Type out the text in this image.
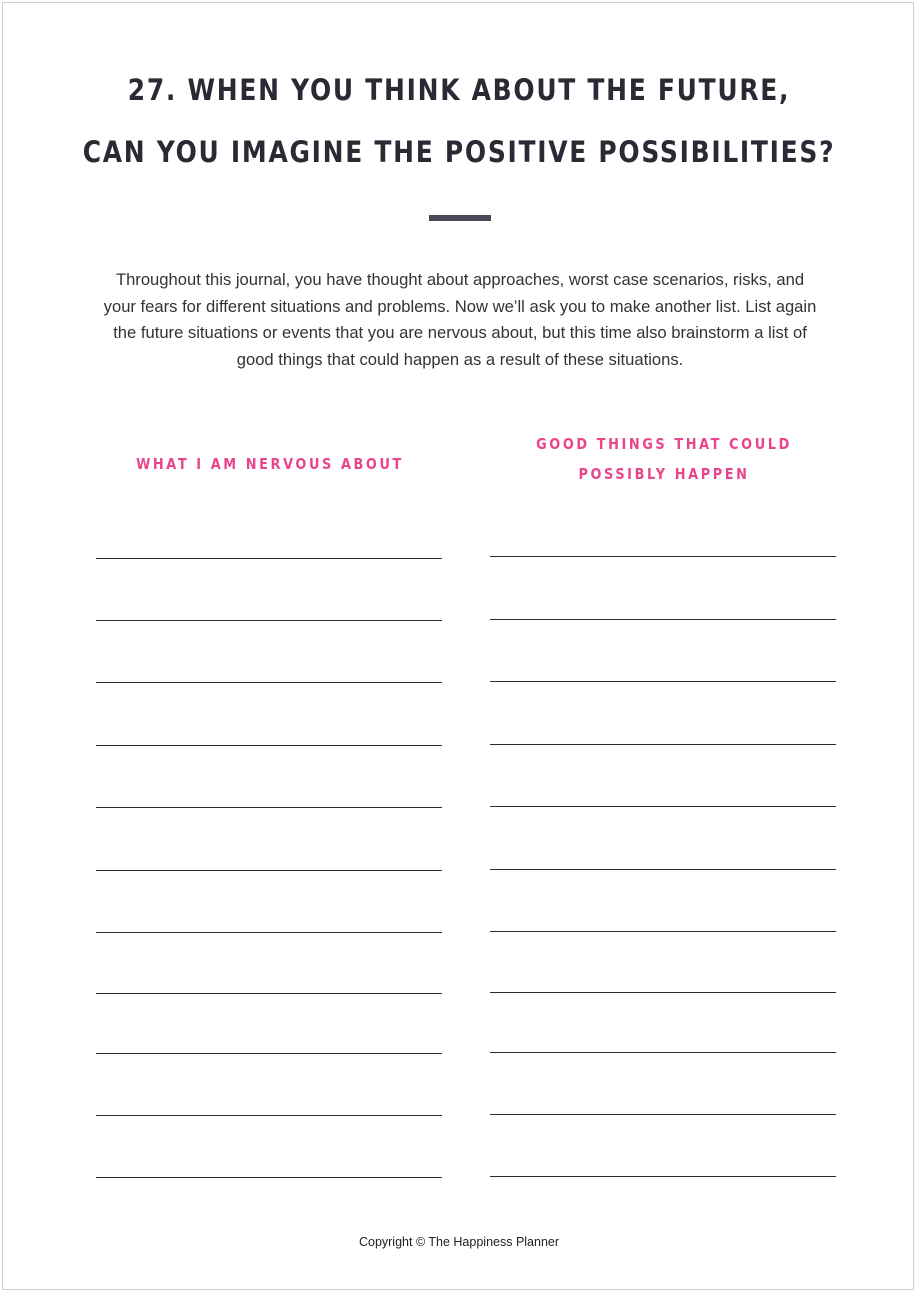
27. WHEN YOU THINK ABOUT THE FUTURE,
CAN YOU IMAGINE THE POSITIVE POSSIBILITIES?

Throughout this journal, you have thought about approaches, worst case scenarios, risks, and your fears for different situations and problems. Now we’ll ask you to make another list. List again the future situations or events that you are nervous about, but this time also brainstorm a list of good things that could happen as a result of these situations.

WHAT I AM NERVOUS ABOUT
GOOD THINGS THAT COULD
POSSIBLY HAPPEN

Copyright © The Happiness Planner
